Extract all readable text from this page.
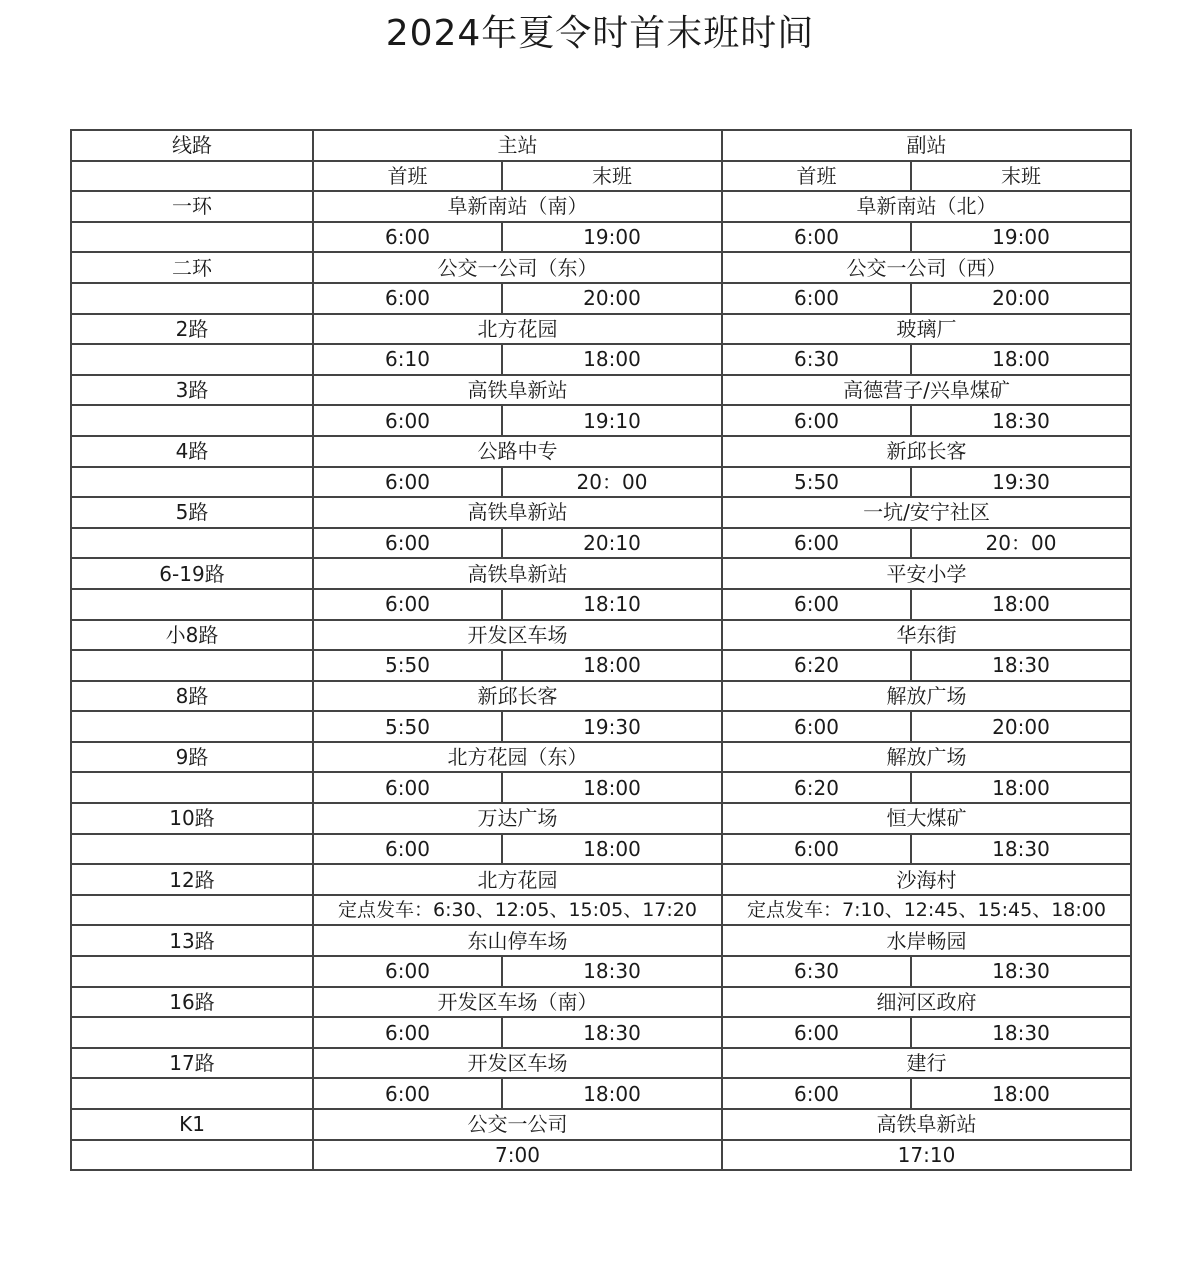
2024年夏令时首末班时间
线路	主站		副站	
	首班	末班	首班	末班
一环	阜新南站（南）		阜新南站（北）	
	6:00	19:00	6:00	19:00
二环	公交一公司（东）		公交一公司（西）	
	6:00	20:00	6:00	20:00
2路	北方花园		玻璃厂	
	6:10	18:00	6:30	18:00
3路	高铁阜新站		高德营子/兴阜煤矿	
	6:00	19:10	6:00	18:30
4路	公路中专		新邱长客	
	6:00	20：00	5:50	19:30
5路	高铁阜新站		一坑/安宁社区	
	6:00	20:10	6:00	20：00
6-19路	高铁阜新站		平安小学	
	6:00	18:10	6:00	18:00
小8路	开发区车场		华东街	
	5:50	18:00	6:20	18:30
8路	新邱长客		解放广场	
	5:50	19:30	6:00	20:00
9路	北方花园（东）		解放广场	
	6:00	18:00	6:20	18:00
10路	万达广场		恒大煤矿	
	6:00	18:00	6:00	18:30
12路	北方花园		沙海村	
	定点发车：6:30、12:05、15:05、17:20		定点发车：7:10、12:45、15:45、18:00	
13路	东山停车场		水岸畅园	
	6:00	18:30	6:30	18:30
16路	开发区车场（南）		细河区政府	
	6:00	18:30	6:00	18:30
17路	开发区车场		建行	
	6:00	18:00	6:00	18:00
K1	公交一公司		高铁阜新站	
	7:00		17:10	
